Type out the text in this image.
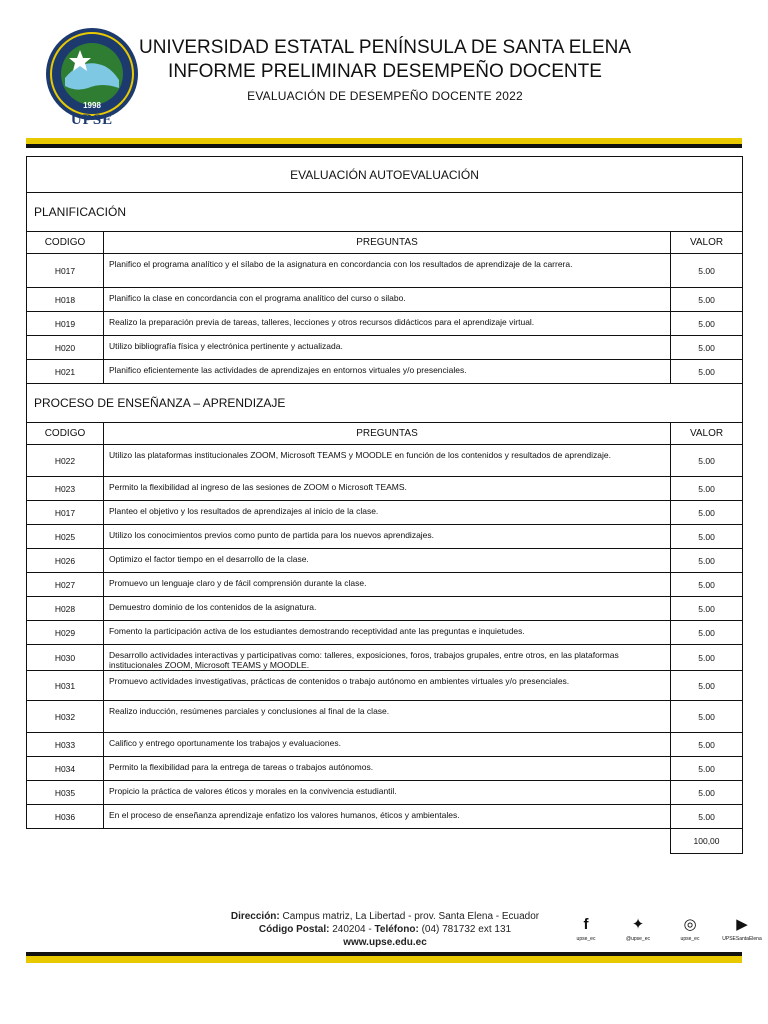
1998
UPSE
UNIVERSIDAD ESTATAL PENÍNSULA DE SANTA ELENA
INFORME PRELIMINAR DESEMPEÑO DOCENTE
EVALUACIÓN DE DESEMPEÑO DOCENTE 2022
EVALUACIÓN AUTOEVALUACIÓN		
PLANIFICACIÓN		
CODIGO	PREGUNTAS	VALOR
H017	Planifico el programa analítico y el sílabo de la asignatura en concordancia con los resultados de aprendizaje de la carrera.	5.00
H018	Planifico la clase en concordancia con el programa analítico del curso o silabo.	5.00
H019	Realizo la preparación previa de tareas, talleres, lecciones y otros recursos didácticos para el aprendizaje virtual.	5.00
H020	Utilizo bibliografía física y electrónica pertinente y actualizada.	5.00
H021	Planifico eficientemente las actividades de aprendizajes en entornos virtuales y/o presenciales.	5.00
PROCESO DE ENSEÑANZA – APRENDIZAJE		
CODIGO	PREGUNTAS	VALOR
H022	Utilizo las plataformas institucionales ZOOM, Microsoft TEAMS y MOODLE en función de los contenidos y resultados de aprendizaje.	5.00
H023	Permito la flexibilidad al ingreso de las sesiones de ZOOM o Microsoft TEAMS.	5.00
H017	Planteo el objetivo y los resultados de aprendizajes al inicio de la clase.	5.00
H025	Utilizo los conocimientos previos como punto de partida para los nuevos aprendizajes.	5.00
H026	Optimizo el factor tiempo en el desarrollo de la clase.	5.00
H027	Promuevo un lenguaje claro y de fácil comprensión durante la clase.	5.00
H028	Demuestro dominio de los contenidos de la asignatura.	5.00
H029	Fomento la participación activa de los estudiantes demostrando receptividad ante las preguntas e inquietudes.	5.00
H030	Desarrollo actividades interactivas y participativas como: talleres, exposiciones, foros, trabajos grupales, entre otros, en las plataformas institucionales ZOOM, Microsoft TEAMS y MOODLE.	5.00
H031	Promuevo actividades investigativas, prácticas de contenidos o trabajo autónomo en ambientes virtuales y/o presenciales.	5.00
H032	Realizo inducción, resúmenes parciales y conclusiones al final de la clase.	5.00
H033	Califico y entrego oportunamente los trabajos y evaluaciones.	5.00
H034	Permito la flexibilidad para la entrega de tareas o trabajos autónomos.	5.00
H035	Propicio la práctica de valores éticos y morales en la convivencia estudiantil.	5.00
H036	En el proceso de enseñanza aprendizaje enfatizo los valores humanos, éticos y ambientales.	5.00
		100,00
Dirección: Campus matriz, La Libertad - prov. Santa Elena - Ecuador
Código Postal: 240204 - Teléfono: (04) 781732 ext 131
www.upse.edu.ec
f
upse_ec
✦
@upse_ec
◎
upse_ec
▶
UPSESantaElena
